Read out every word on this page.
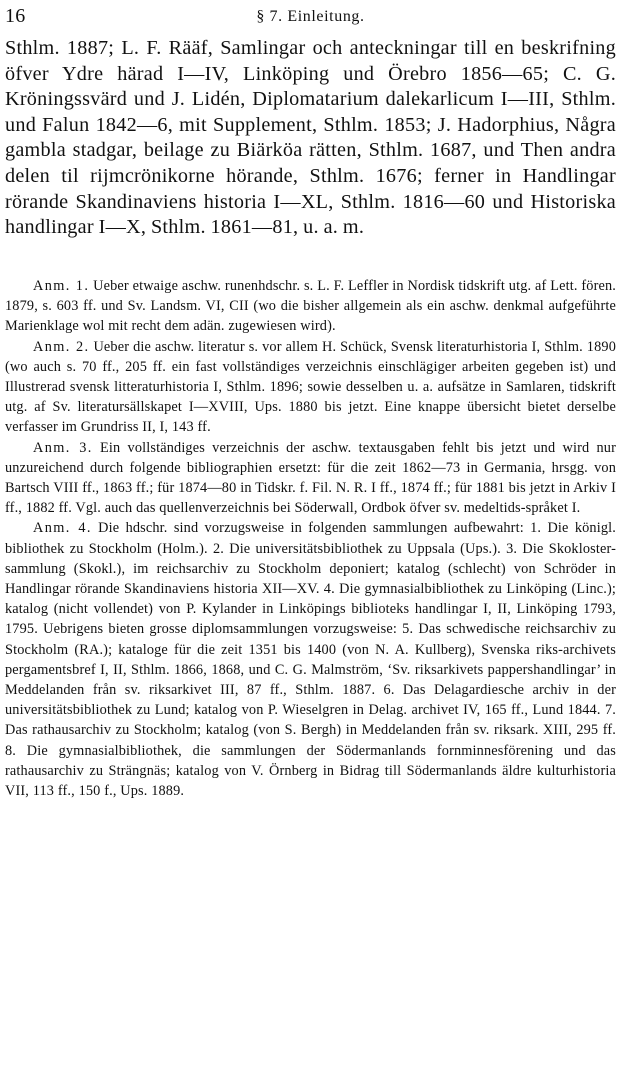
16	§ 7. Einleitung.

Sthlm. 1887; L. F. Rääf, Samlingar och anteckningar till en beskrifning öfver Ydre härad I—IV, Linköping und Örebro 1856—65; C. G. Kröningssvärd und J. Lidén, Diplomatarium dalekarlicum I—III, Sthlm. und Falun 1842—6, mit Supplement, Sthlm. 1853; J. Hadorphius, Några gambla stadgar, beilage zu Biärköa rätten, Sthlm. 1687, und Then andra delen til rijmcrönikorne hörande, Sthlm. 1676; ferner in Handlingar rörande Skandinaviens historia I—XL, Sthlm. 1816—60 und Historiska handlingar I—X, Sthlm. 1861—81, u. a. m.

Anm. 1. Ueber etwaige aschw. runenhdschr. s. L. F. Leffler in Nordisk tidskrift utg. af Lett. fören. 1879, s. 603 ff. und Sv. Landsm. VI, CII (wo die bisher allgemein als ein aschw. denkmal aufgeführte Marienklage wol mit recht dem adän. zugewiesen wird).

Anm. 2. Ueber die aschw. literatur s. vor allem H. Schück, Svensk literaturhistoria I, Sthlm. 1890 (wo auch s. 70 ff., 205 ff. ein fast vollständiges verzeichnis einschlägiger arbeiten gegeben ist) und Illustrerad svensk litteraturhistoria I, Sthlm. 1896; sowie desselben u. a. aufsätze in Samlaren, tidskrift utg. af Sv. literatursällskapet I—XVIII, Ups. 1880 bis jetzt. Eine knappe übersicht bietet derselbe verfasser im Grundriss II, I, 143 ff.

Anm. 3. Ein vollständiges verzeichnis der aschw. textausgaben fehlt bis jetzt und wird nur unzureichend durch folgende bibliographien ersetzt: für die zeit 1862—73 in Germania, hrsgg. von Bartsch VIII ff., 1863 ff.; für 1874—80 in Tidskr. f. Fil. N. R. I ff., 1874 ff.; für 1881 bis jetzt in Arkiv I ff., 1882 ff. Vgl. auch das quellenverzeichnis bei Söderwall, Ordbok öfver sv. medeltids-språket I.

Anm. 4. Die hdschr. sind vorzugsweise in folgenden sammlungen aufbewahrt: 1. Die königl. bibliothek zu Stockholm (Holm.). 2. Die universitätsbibliothek zu Uppsala (Ups.). 3. Die Skokloster-sammlung (Skokl.), im reichsarchiv zu Stockholm deponiert; katalog (schlecht) von Schröder in Handlingar rörande Skandinaviens historia XII—XV. 4. Die gymnasialbibliothek zu Linköping (Linc.); katalog (nicht vollendet) von P. Kylander in Linköpings biblioteks handlingar I, II, Linköping 1793, 1795. Uebrigens bieten grosse diplomsammlungen vorzugsweise: 5. Das schwedische reichsarchiv zu Stockholm (RA.); kataloge für die zeit 1351 bis 1400 (von N. A. Kullberg), Svenska riks-archivets pergamentsbref I, II, Sthlm. 1866, 1868, und C. G. Malmström, ‘Sv. riksarkivets pappershandlingar’ in Meddelanden från sv. riksarkivet III, 87 ff., Sthlm. 1887. 6. Das Delagardiesche archiv in der universitätsbibliothek zu Lund; katalog von P. Wieselgren in Delag. archivet IV, 165 ff., Lund 1844. 7. Das rathausarchiv zu Stockholm; katalog (von S. Bergh) in Meddelanden från sv. riksark. XIII, 295 ff. 8. Die gymnasialbibliothek, die sammlungen der Södermanlands fornminnesförening und das rathausarchiv zu Strängnäs; katalog von V. Örnberg in Bidrag till Södermanlands äldre kulturhistoria VII, 113 ff., 150 f., Ups. 1889.
